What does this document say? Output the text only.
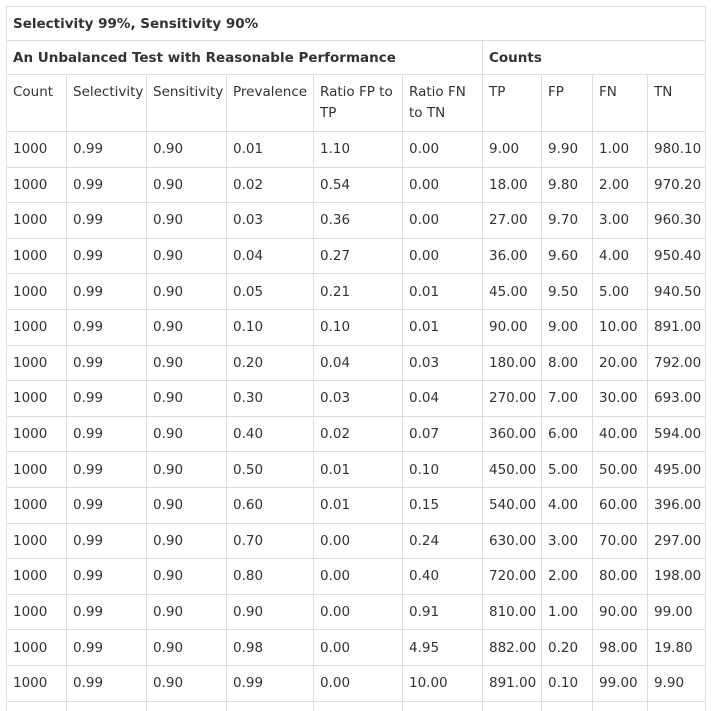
Selectivity 99%, Sensitivity 90%									
An Unbalanced Test with Reasonable Performance						Counts			
Count	Selectivity	Sensitivity	Prevalence	Ratio FP to TP	Ratio FN to TN	TP	FP	FN	TN
1000	0.99	0.90	0.01	1.10	0.00	9.00	9.90	1.00	980.10
1000	0.99	0.90	0.02	0.54	0.00	18.00	9.80	2.00	970.20
1000	0.99	0.90	0.03	0.36	0.00	27.00	9.70	3.00	960.30
1000	0.99	0.90	0.04	0.27	0.00	36.00	9.60	4.00	950.40
1000	0.99	0.90	0.05	0.21	0.01	45.00	9.50	5.00	940.50
1000	0.99	0.90	0.10	0.10	0.01	90.00	9.00	10.00	891.00
1000	0.99	0.90	0.20	0.04	0.03	180.00	8.00	20.00	792.00
1000	0.99	0.90	0.30	0.03	0.04	270.00	7.00	30.00	693.00
1000	0.99	0.90	0.40	0.02	0.07	360.00	6.00	40.00	594.00
1000	0.99	0.90	0.50	0.01	0.10	450.00	5.00	50.00	495.00
1000	0.99	0.90	0.60	0.01	0.15	540.00	4.00	60.00	396.00
1000	0.99	0.90	0.70	0.00	0.24	630.00	3.00	70.00	297.00
1000	0.99	0.90	0.80	0.00	0.40	720.00	2.00	80.00	198.00
1000	0.99	0.90	0.90	0.00	0.91	810.00	1.00	90.00	99.00
1000	0.99	0.90	0.98	0.00	4.95	882.00	0.20	98.00	19.80
1000	0.99	0.90	0.99	0.00	10.00	891.00	0.10	99.00	9.90
